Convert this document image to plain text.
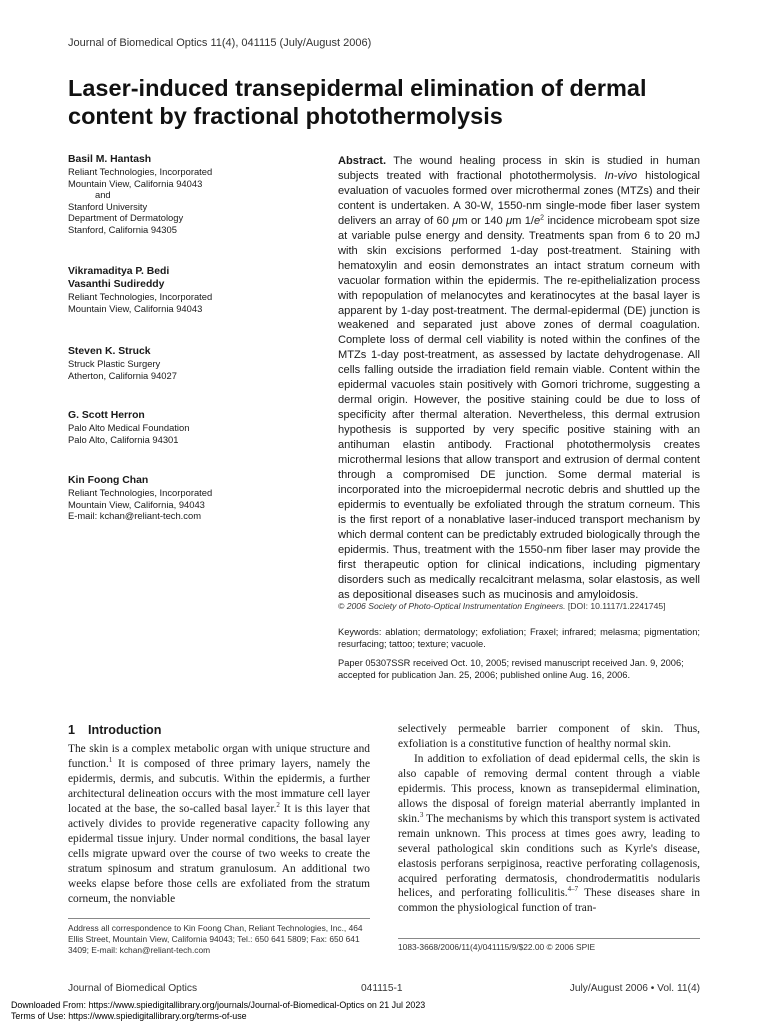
Journal of Biomedical Optics 11(4), 041115 (July/August 2006)
Laser-induced transepidermal elimination of dermal content by fractional photothermolysis
Basil M. Hantash
Reliant Technologies, Incorporated
Mountain View, California 94043
and
Stanford University
Department of Dermatology
Stanford, California 94305
Vikramaditya P. Bedi
Vasanthi Sudireddy
Reliant Technologies, Incorporated
Mountain View, California 94043
Steven K. Struck
Struck Plastic Surgery
Atherton, California 94027
G. Scott Herron
Palo Alto Medical Foundation
Palo Alto, California 94301
Kin Foong Chan
Reliant Technologies, Incorporated
Mountain View, California, 94043
E-mail: kchan@reliant-tech.com
Abstract. The wound healing process in skin is studied in human subjects treated with fractional photothermolysis. In-vivo histological evaluation of vacuoles formed over microthermal zones (MTZs) and their content is undertaken. A 30-W, 1550-nm single-mode fiber laser system delivers an array of 60 μm or 140 μm $1/e^2$ incidence microbeam spot size at variable pulse energy and density. Treatments span from 6 to 20 mJ with skin excisions performed 1-day post-treatment. Staining with hematoxylin and eosin demonstrates an intact stratum corneum with vacuolar formation within the epidermis. The re-epithelialization process with repopulation of melanocytes and keratinocytes at the basal layer is apparent by 1-day post-treatment. The dermal-epidermal (DE) junction is weakened and separated just above zones of dermal coagulation. Complete loss of dermal cell viability is noted within the confines of the MTZs 1-day post-treatment, as assessed by lactate dehydrogenase. All cells falling outside the irradiation field remain viable. Content within the epidermal vacuoles stain positively with Gomori trichrome, suggesting a dermal origin. However, the positive staining could be due to loss of specificity after thermal alteration. Nevertheless, this dermal extrusion hypothesis is supported by very specific positive staining with an antihuman elastin antibody. Fractional photothermolysis creates microthermal lesions that allow transport and extrusion of dermal content through a compromised DE junction. Some dermal material is incorporated into the microepidermal necrotic debris and shuttled up the epidermis to eventually be exfoliated through the stratum corneum. This is the first report of a nonablative laser-induced transport mechanism by which dermal content can be predictably extruded biologically through the epidermis. Thus, treatment with the 1550-nm fiber laser may provide the first therapeutic option for clinical indications, including pigmentary disorders such as medically recalcitrant melasma, solar elastosis, as well as depositional diseases such as mucinosis and amyloidosis.
© 2006 Society of Photo-Optical Instrumentation Engineers. [DOI: 10.1117/1.2241745]
Keywords: ablation; dermatology; exfoliation; Fraxel; infrared; melasma; pigmentation; resurfacing; tattoo; texture; vacuole.
Paper 05307SSR received Oct. 10, 2005; revised manuscript received Jan. 9, 2006; accepted for publication Jan. 25, 2006; published online Aug. 16, 2006.
1 Introduction
The skin is a complex metabolic organ with unique structure and function.$^1$ It is composed of three primary layers, namely the epidermis, dermis, and subcutis. Within the epidermis, a further architectural delineation occurs with the most immature cell layer located at the base, the so-called basal layer.$^2$ It is this layer that actively divides to provide regenerative capacity following any epidermal tissue injury. Under normal conditions, the basal layer cells migrate upward over the course of two weeks to create the stratum spinosum and stratum granulosum. An additional two weeks elapse before those cells are exfoliated from the stratum corneum, the nonviable
selectively permeable barrier component of skin. Thus, exfoliation is a constitutive function of healthy normal skin.
In addition to exfoliation of dead epidermal cells, the skin is also capable of removing dermal content through a viable epidermis. This process, known as transepidermal elimination, allows the disposal of foreign material aberrantly implanted in skin.$^3$ The mechanisms by which this transport system is activated remain unknown. This process at times goes awry, leading to several pathological skin conditions such as Kyrle's disease, elastosis perforans serpiginosa, reactive perforating collagenosis, acquired perforating dermatosis, chondrodermatitis nodularis helices, and perforating folliculitis.$^{4-7}$ These diseases share in common the physiological function of tran-
Address all correspondence to Kin Foong Chan, Reliant Technologies, Inc., 464 Ellis Street, Mountain View, California 94043; Tel.: 650 641 5809; Fax: 650 641 3409; E-mail: kchan@reliant-tech.com	1083-3668/2006/11(4)/041115/9/$22.00 © 2006 SPIE
Journal of Biomedical Optics	041115-1	July/August 2006 • Vol. 11(4)
Downloaded From: https://www.spiedigitallibrary.org/journals/Journal-of-Biomedical-Optics on 21 Jul 2023
Terms of Use: https://www.spiedigitallibrary.org/terms-of-use
